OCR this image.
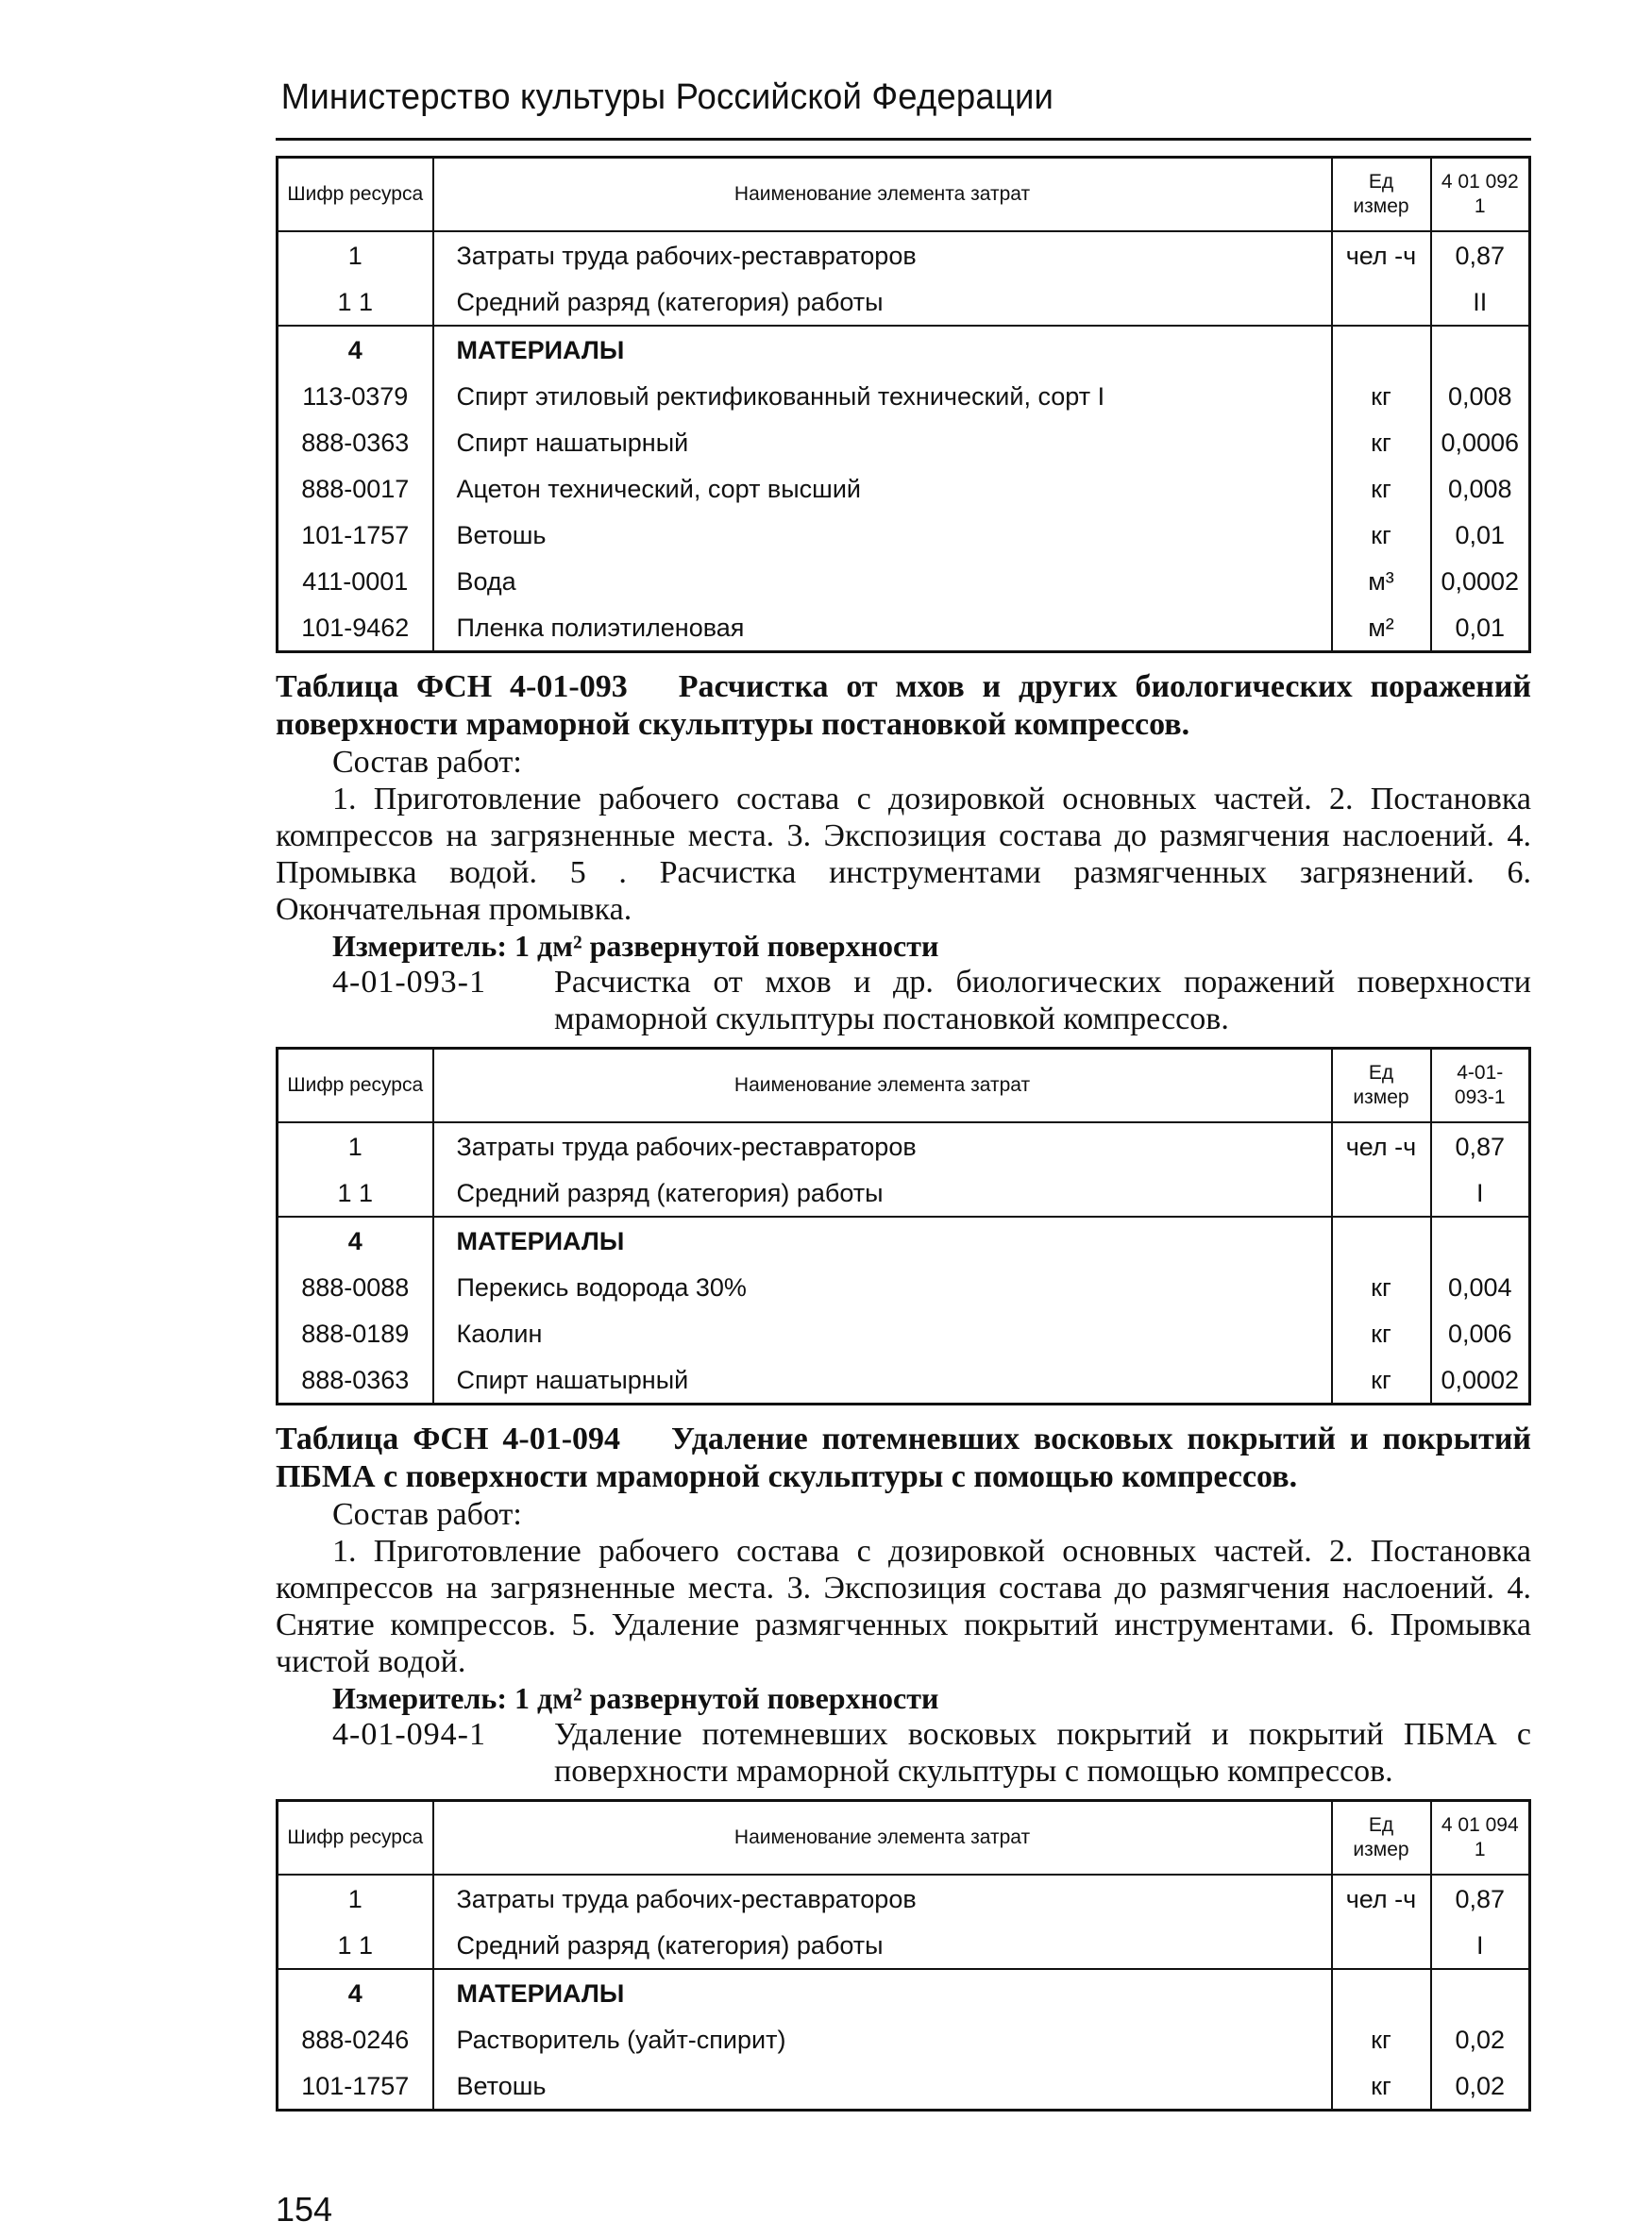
Министерство культуры Российской Федерации
Шифр ресурса	Наименование элемента затрат	Ед измер	4 01 092 1
1	Затраты труда рабочих-реставраторов	чел -ч	0,87
1 1	Средний разряд (категория) работы		II
4	МАТЕРИАЛЫ		
113-0379	Спирт этиловый ректификованный технический, сорт I	кг	0,008
888-0363	Спирт нашатырный	кг	0,0006
888-0017	Ацетон технический, сорт высший	кг	0,008
101-1757	Ветошь	кг	0,01
411-0001	Вода	м³	0,0002
101-9462	Пленка полиэтиленовая	м²	0,01
Таблица ФСН 4-01-093 Расчистка от мхов и других биологических поражений поверхности мраморной скульптуры постановкой компрессов.
Состав работ:
1. Приготовление рабочего состава с дозировкой основных частей. 2. Постановка компрессов на загрязненные места. 3. Экспозиция состава до размягчения наслоений. 4. Промывка водой. 5 . Расчистка инструментами размягченных загрязнений. 6. Окончательная промывка.
Измеритель: 1 дм² развернутой поверхности
4-01-093-1	Расчистка от мхов и др. биологических поражений поверхности мраморной скульптуры постановкой компрессов.
Шифр ресурса	Наименование элемента затрат	Ед измер	4-01- 093-1
1	Затраты труда рабочих-реставраторов	чел -ч	0,87
1 1	Средний разряд (категория) работы		I
4	МАТЕРИАЛЫ		
888-0088	Перекись водорода 30%	кг	0,004
888-0189	Каолин	кг	0,006
888-0363	Спирт нашатырный	кг	0,0002
Таблица ФСН 4-01-094 Удаление потемневших восковых покрытий и покрытий ПБМА с поверхности мраморной скульптуры с помощью компрессов.
Состав работ:
1. Приготовление рабочего состава с дозировкой основных частей. 2. Постановка компрессов на загрязненные места. 3. Экспозиция состава до размягчения наслоений. 4. Снятие компрессов. 5. Удаление размягченных покрытий инструментами. 6. Промывка чистой водой.
Измеритель: 1 дм² развернутой поверхности
4-01-094-1	Удаление потемневших восковых покрытий и покрытий ПБМА с поверхности мраморной скульптуры с помощью компрессов.
Шифр ресурса	Наименование элемента затрат	Ед измер	4 01 094 1
1	Затраты труда рабочих-реставраторов	чел -ч	0,87
1 1	Средний разряд (категория) работы		I
4	МАТЕРИАЛЫ		
888-0246	Растворитель (уайт-спирит)	кг	0,02
101-1757	Ветошь	кг	0,02
154
